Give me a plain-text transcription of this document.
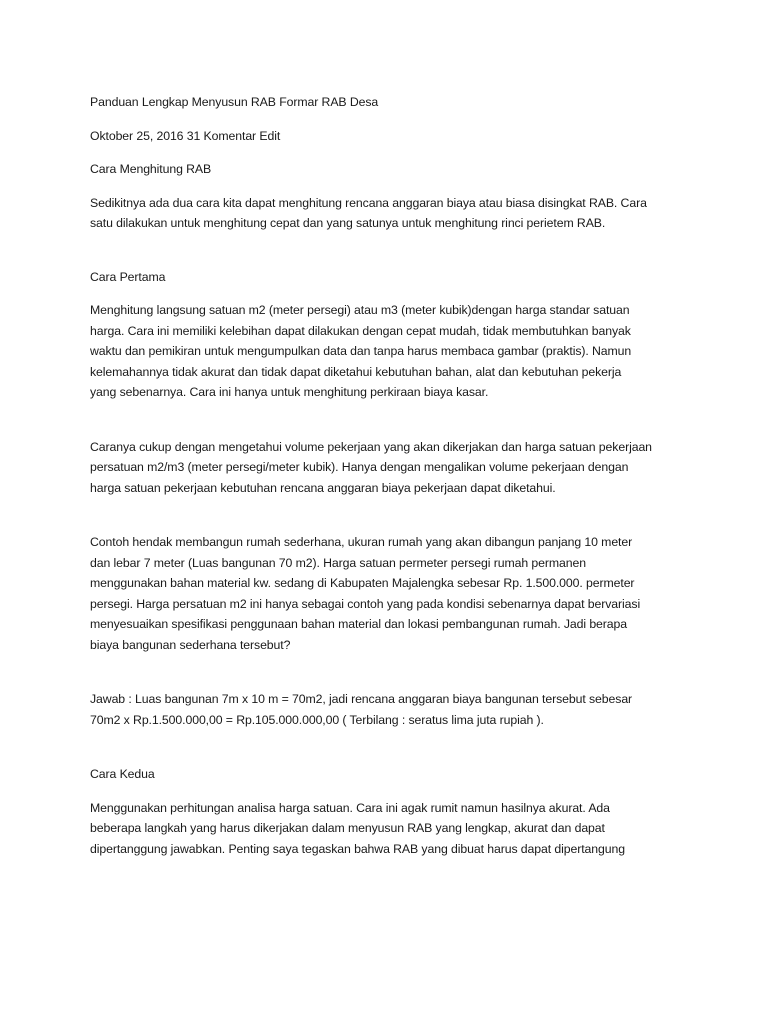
Panduan Lengkap Menyusun RAB Formar RAB Desa

Oktober 25, 2016 31 Komentar Edit

Cara Menghitung RAB

Sedikitnya ada dua cara kita dapat menghitung rencana anggaran biaya atau biasa disingkat RAB. Cara
satu dilakukan untuk menghitung cepat dan yang satunya untuk menghitung rinci perietem RAB.

Cara Pertama

Menghitung langsung satuan m2 (meter persegi) atau m3 (meter kubik)dengan harga standar satuan
harga. Cara ini memiliki kelebihan dapat dilakukan dengan cepat mudah, tidak membutuhkan banyak
waktu dan pemikiran untuk mengumpulkan data dan tanpa harus membaca gambar (praktis). Namun
kelemahannya tidak akurat dan tidak dapat diketahui kebutuhan bahan, alat dan kebutuhan pekerja
yang sebenarnya. Cara ini hanya untuk menghitung perkiraan biaya kasar.

Caranya cukup dengan mengetahui volume pekerjaan yang akan dikerjakan dan harga satuan pekerjaan
persatuan m2/m3 (meter persegi/meter kubik). Hanya dengan mengalikan volume pekerjaan dengan
harga satuan pekerjaan kebutuhan rencana anggaran biaya pekerjaan dapat diketahui.

Contoh hendak membangun rumah sederhana, ukuran rumah yang akan dibangun panjang 10 meter
dan lebar 7 meter (Luas bangunan 70 m2). Harga satuan permeter persegi rumah permanen
menggunakan bahan material kw. sedang di Kabupaten Majalengka sebesar Rp. 1.500.000. permeter
persegi. Harga persatuan m2 ini hanya sebagai contoh yang pada kondisi sebenarnya dapat bervariasi
menyesuaikan spesifikasi penggunaan bahan material dan lokasi pembangunan rumah. Jadi berapa
biaya bangunan sederhana tersebut?

Jawab : Luas bangunan 7m x 10 m = 70m2, jadi rencana anggaran biaya bangunan tersebut sebesar
70m2 x Rp.1.500.000,00 = Rp.105.000.000,00 ( Terbilang : seratus lima juta rupiah ).

Cara Kedua

Menggunakan perhitungan analisa harga satuan. Cara ini agak rumit namun hasilnya akurat. Ada
beberapa langkah yang harus dikerjakan dalam menyusun RAB yang lengkap, akurat dan dapat
dipertanggung jawabkan. Penting saya tegaskan bahwa RAB yang dibuat harus dapat dipertangung
